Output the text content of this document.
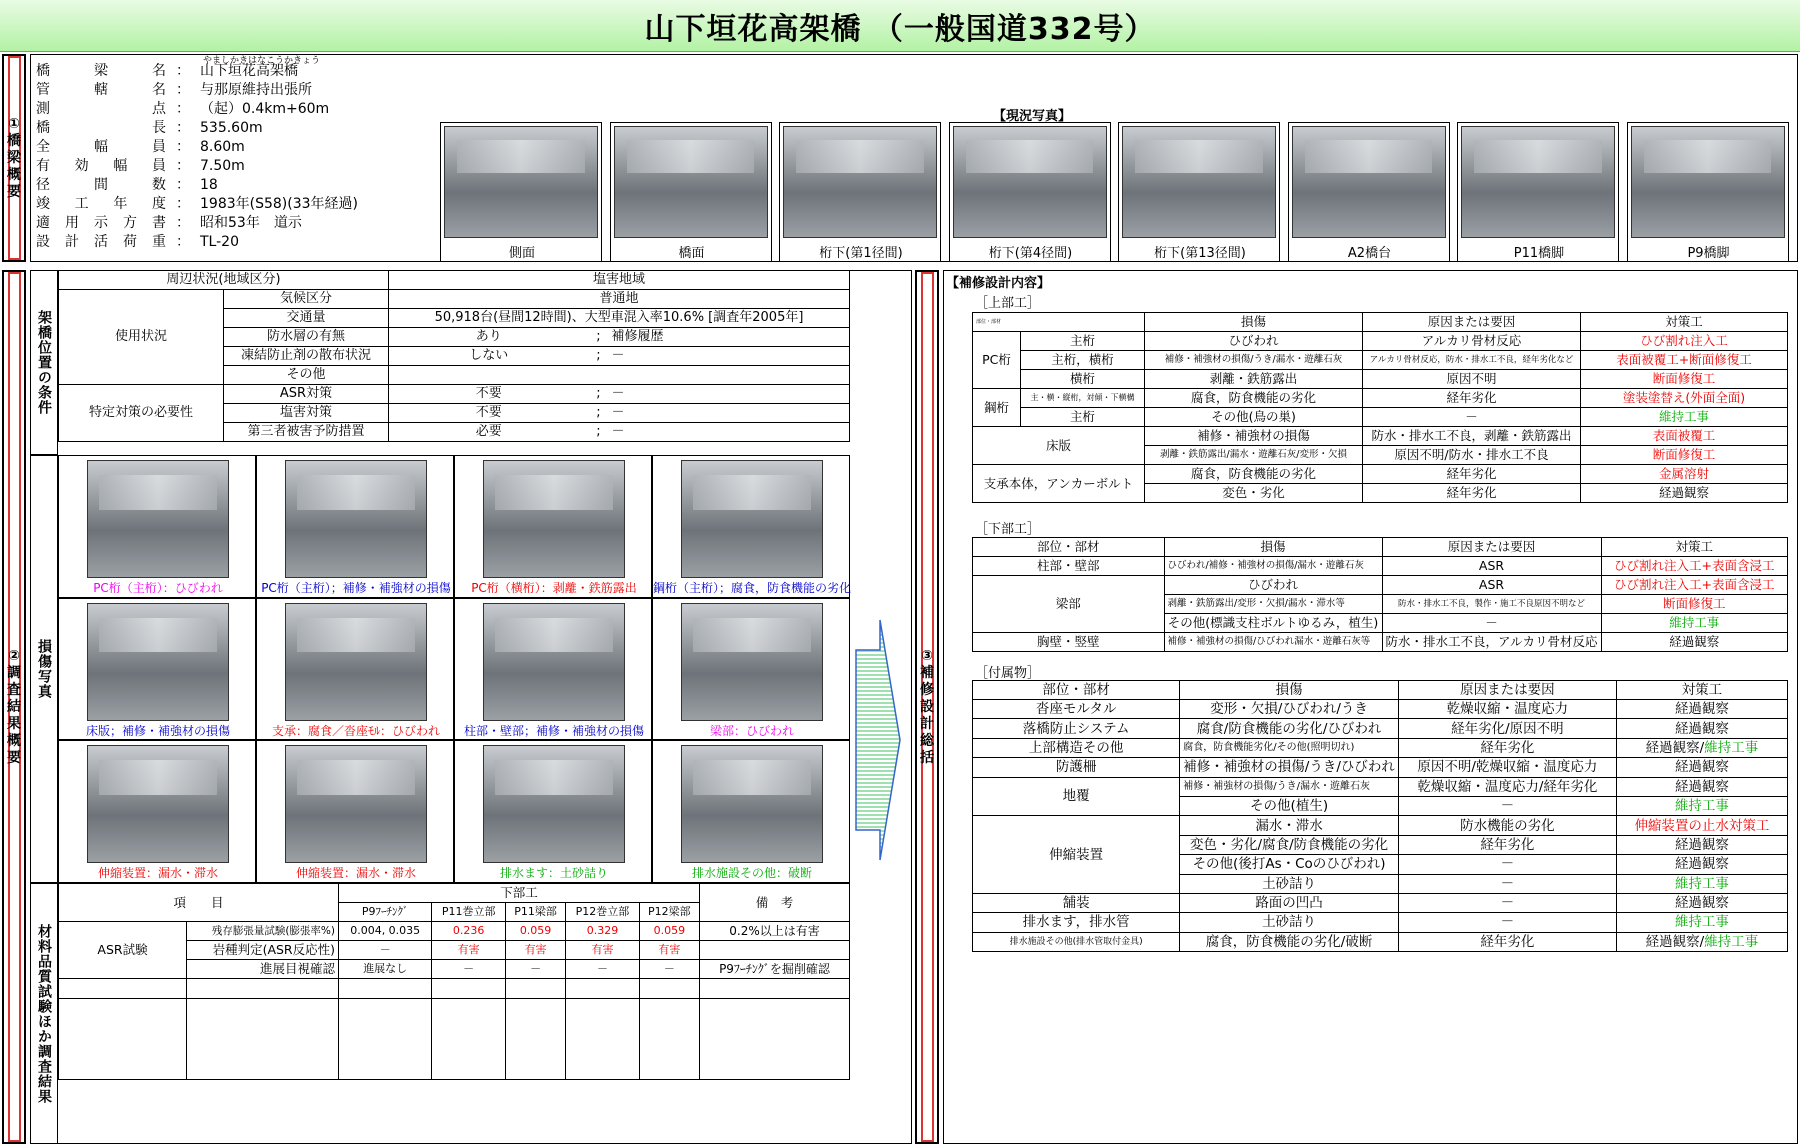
山下垣花高架橋 （一般国道332号）
①
橋
梁
概
要
やましかきはなこうかきょう
橋梁名 ： 山下垣花高架橋
管轄名 ： 与那原維持出張所
測点 ： （起）0.4km+60m
橋長 ： 535.60m
全幅員 ： 8.60m
有効幅員 ： 7.50m
径間数 ： 18
竣工年度 ： 1983年(S58)(33年経過)
適用示方書 ： 昭和53年　道示
設計活荷重 ： TL-20
【現況写真】
側面	橋面	桁下(第1径間)	桁下(第4径間)	桁下(第13径間)	A2橋台	P11橋脚	P9橋脚
②
調
査
結
果
概
要
架橋位置の条件
損傷写真
材料品質試験ほか調査結果
周辺状況(地域区分)		塩害地域		
使用状況	気候区分	普通地		
	交通量	50,918台(昼間12時間)、大型車混入率10.6% [調査年2005年]		
	防水層の有無	あり	;	補修履歴
	凍結防止剤の散布状況	しない	;	－
	その他			
特定対策の必要性	ASR対策	不要	;	－
	塩害対策	不要	;	－
	第三者被害予防措置	必要	;	－
PC桁（主桁）：ひびわれ	PC桁（主桁）；補修・補強材の損傷	PC桁（横桁）：剥離・鉄筋露出	鋼桁（主桁）；腐食，防食機能の劣化
床版；補修・補強材の損傷	支承：腐食／沓座ﾓﾙ：ひびわれ	柱部・壁部；補修・補強材の損傷	梁部：ひびわれ
伸縮装置：漏水・滞水	伸縮装置：漏水・滞水	排水ます：土砂詰り	排水施設その他：破断
項　　目		下部工					備　考
		P9ﾌｰﾁﾝｸﾞ	P11巻立部	P11梁部	P12巻立部	P12梁部	
ASR試験	残存膨張量試験(膨張率%)	0.004, 0.035	0.236	0.059	0.329	0.059	0.2%以上は有害
	岩種判定(ASR反応性)	－	有害	有害	有害	有害	
	進展目視確認	進展なし	－	－	－	－	P9ﾌｰﾁﾝｸﾞを掘削確認

③
補
修
設
計
総
括
【補修設計内容】
［上部工］
部位・部材		損傷	原因または要因	対策工
PC桁	主桁	ひびわれ	アルカリ骨材反応	ひび割れ注入工
	主桁，横桁	補修・補強材の損傷/うき/漏水・遊離石灰	アルカリ骨材反応，防水・排水工不良，経年劣化など	表面被覆工+断面修復工
	横桁	剥離・鉄筋露出	原因不明	断面修復工
鋼桁	主・横・縦桁，対傾・下横構	腐食，防食機能の劣化	経年劣化	塗装塗替え(外面全面)
	主桁	その他(鳥の巣)	－	維持工事
床版		補修・補強材の損傷	防水・排水工不良，剥離・鉄筋露出	表面被覆工
		剥離・鉄筋露出/漏水・遊離石灰/変形・欠損	原因不明/防水・排水工不良	断面修復工
支承本体，アンカーボルト		腐食，防食機能の劣化	経年劣化	金属溶射
		変色・劣化	経年劣化	経過観察
［下部工］
部位・部材	損傷	原因または要因	対策工
柱部・壁部	ひびわれ/補修・補強材の損傷/漏水・遊離石灰	ASR	ひび割れ注入工+表面含浸工
梁部	ひびわれ	ASR	ひび割れ注入工+表面含浸工
	剥離・鉄筋露出/変形・欠損/漏水・滞水等	防水・排水工不良，製作・施工不良原因不明など	断面修復工
	その他(標識支柱ボルトゆるみ，植生)	－	維持工事
胸壁・竪壁	補修・補強材の損傷/ひびわれ漏水・遊離石灰等	防水・排水工不良，アルカリ骨材反応	経過観察
［付属物］
部位・部材	損傷	原因または要因	対策工
沓座モルタル	変形・欠損/ひびわれ/うき	乾燥収縮・温度応力	経過観察
落橋防止システム	腐食/防食機能の劣化/ひびわれ	経年劣化/原因不明	経過観察
上部構造その他	腐食，防食機能劣化/その他(照明切れ)	経年劣化	経過観察/維持工事
防護柵	補修・補強材の損傷/うき/ひびわれ	原因不明/乾燥収縮・温度応力	経過観察
地覆	補修・補強材の損傷/うき/漏水・遊離石灰	乾燥収縮・温度応力/経年劣化	経過観察
	その他(植生)	－	維持工事
伸縮装置	漏水・滞水	防水機能の劣化	伸縮装置の止水対策工
	変色・劣化/腐食/防食機能の劣化	経年劣化	経過観察
	その他(後打As・Coのひびわれ)	－	経過観察
	土砂詰り	－	維持工事
舗装	路面の凹凸	－	経過観察
排水ます，排水管	土砂詰り	－	維持工事
排水施設その他(排水管取付金具)	腐食，防食機能の劣化/破断	経年劣化	経過観察/維持工事
